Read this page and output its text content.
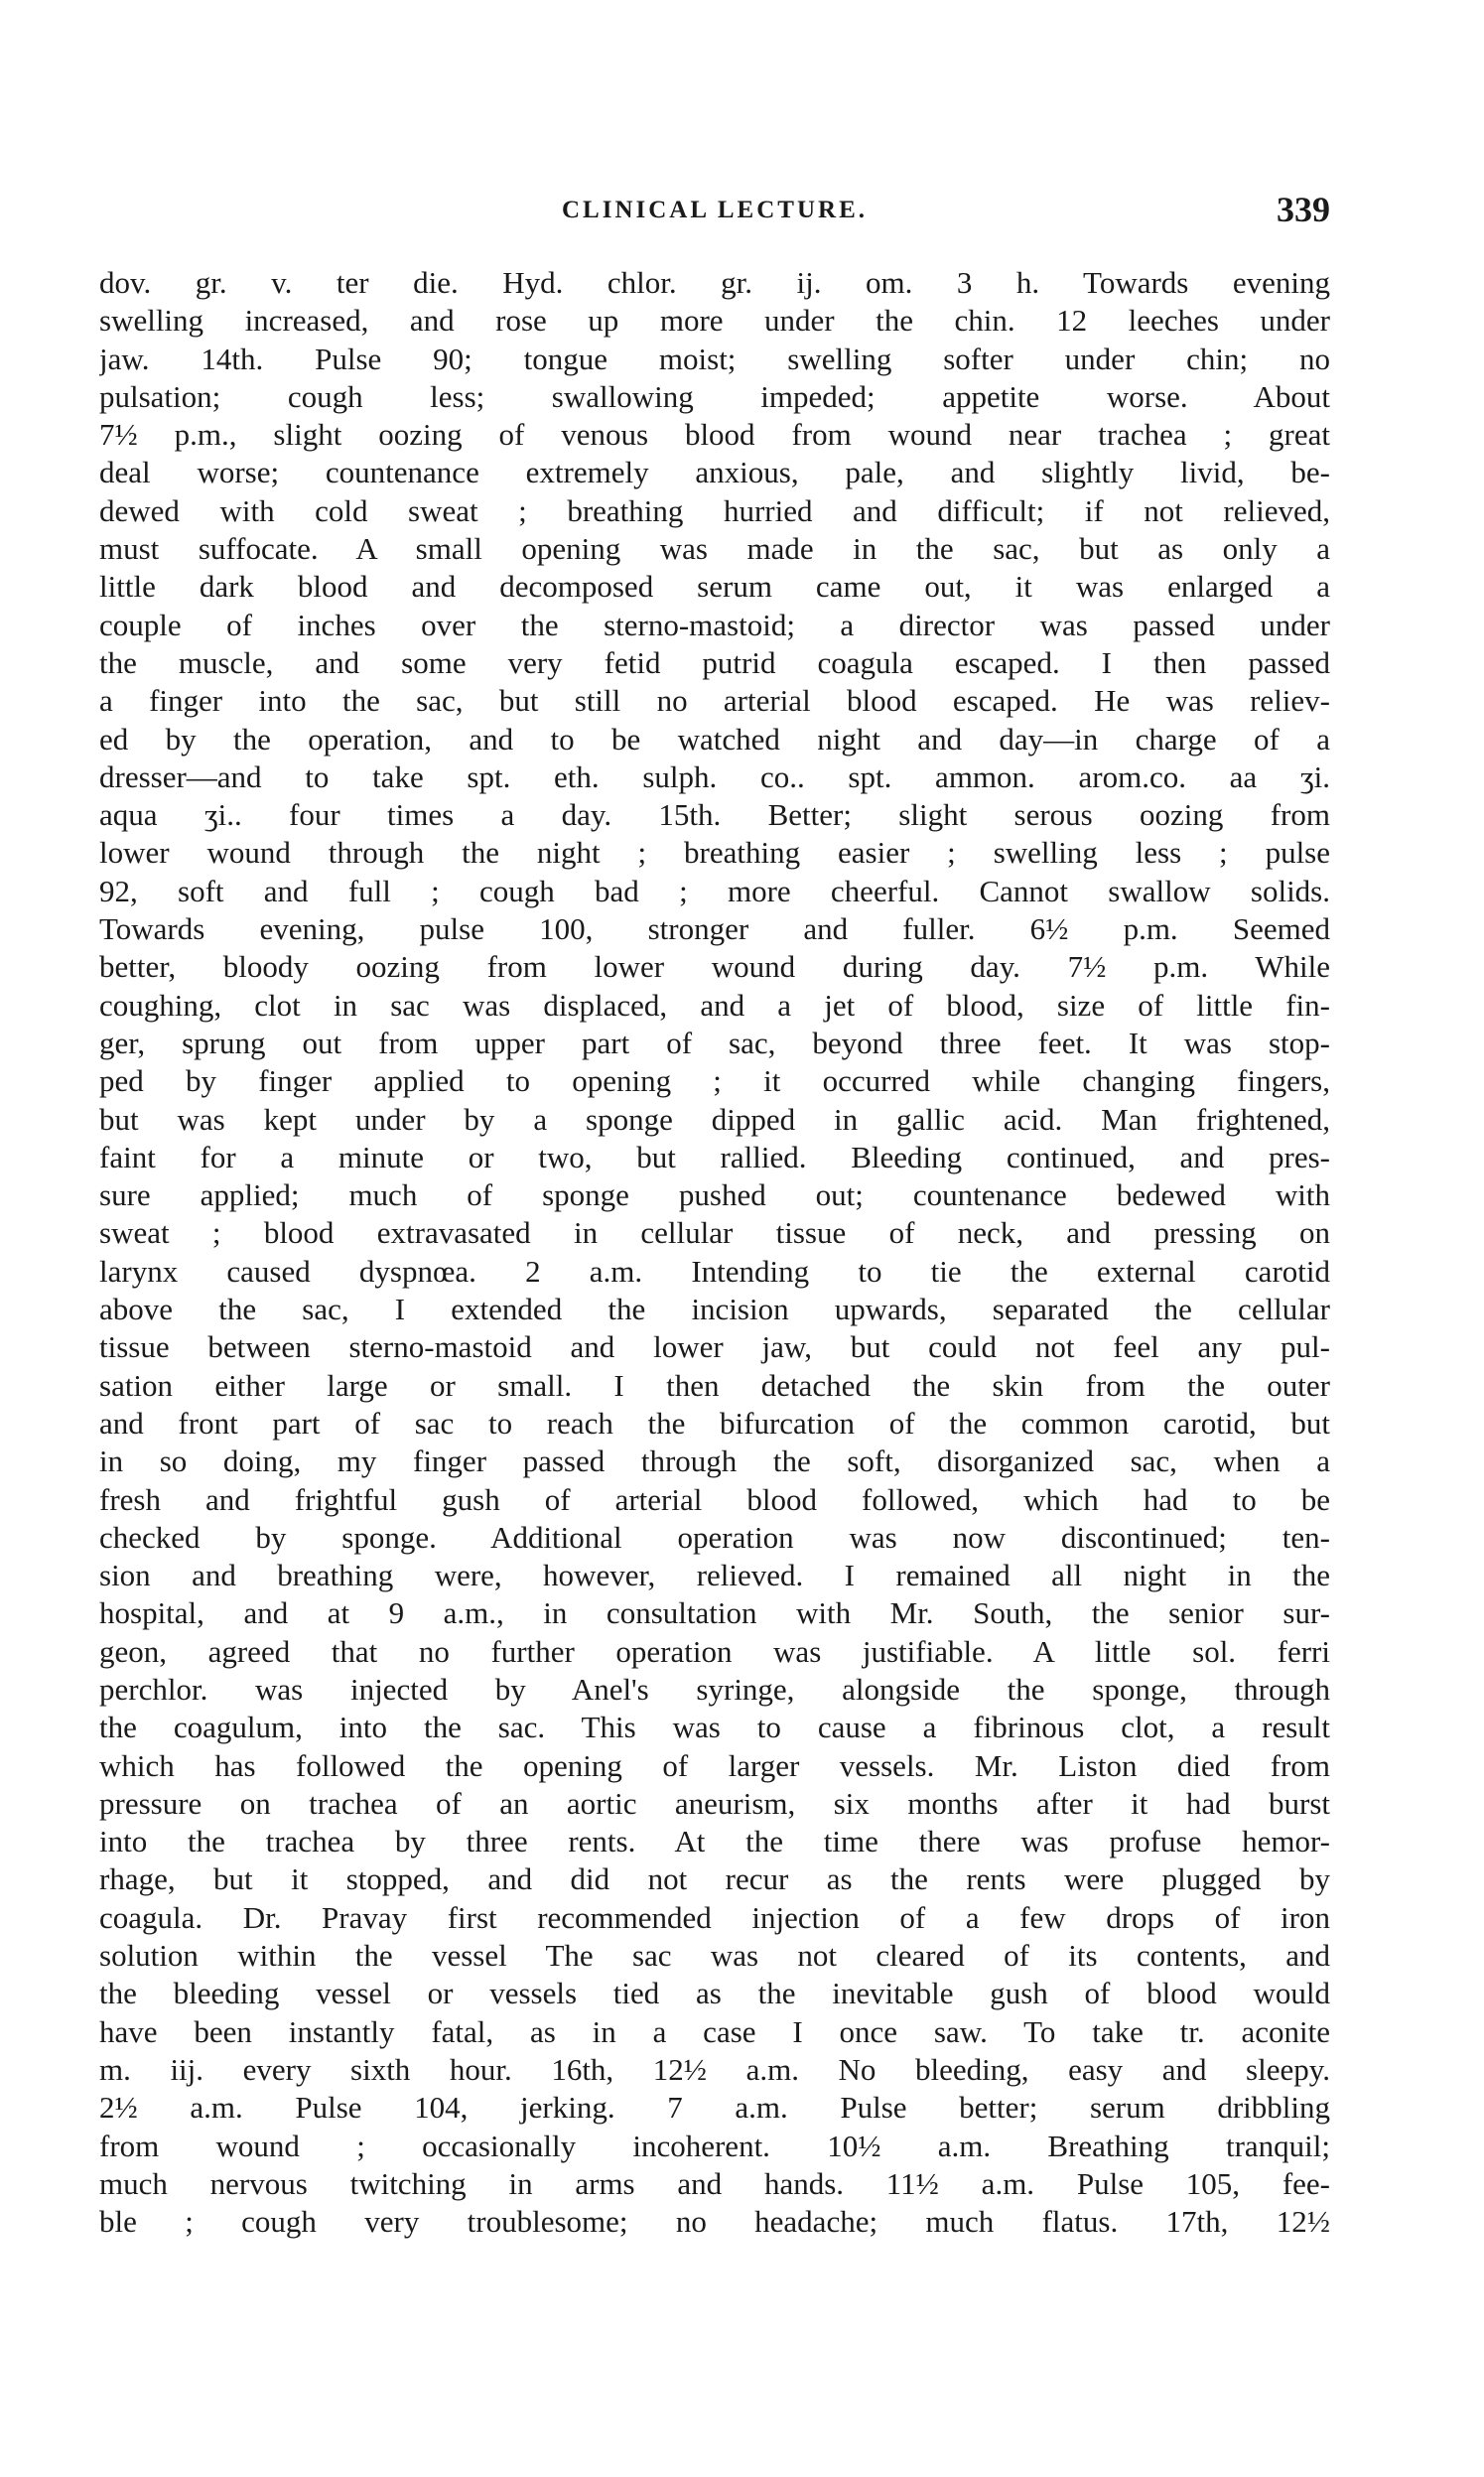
CLINICAL LECTURE.	339
dov. gr. v. ter die. Hyd. chlor. gr. ij. om. 3 h. Towards evening
swelling increased, and rose up more under the chin. 12 leeches under
jaw. 14th. Pulse 90; tongue moist; swelling softer under chin; no
pulsation; cough less; swallowing impeded; appetite worse. About
7½ p.m., slight oozing of venous blood from wound near trachea ; great
deal worse; countenance extremely anxious, pale, and slightly livid, be-
dewed with cold sweat ; breathing hurried and difficult; if not relieved,
must suffocate. A small opening was made in the sac, but as only a
little dark blood and decomposed serum came out, it was enlarged a
couple of inches over the sterno-mastoid; a director was passed under
the muscle, and some very fetid putrid coagula escaped. I then passed
a finger into the sac, but still no arterial blood escaped. He was reliev-
ed by the operation, and to be watched night and day—in charge of a
dresser—and to take spt. eth. sulph. co.. spt. ammon. arom.co. aa ʒi.
aqua ʒi.. four times a day. 15th. Better; slight serous oozing from
lower wound through the night ; breathing easier ; swelling less ; pulse
92, soft and full ; cough bad ; more cheerful. Cannot swallow solids.
Towards evening, pulse 100, stronger and fuller. 6½ p.m. Seemed
better, bloody oozing from lower wound during day. 7½ p.m. While
coughing, clot in sac was displaced, and a jet of blood, size of little fin-
ger, sprung out from upper part of sac, beyond three feet. It was stop-
ped by finger applied to opening ; it occurred while changing fingers,
but was kept under by a sponge dipped in gallic acid. Man frightened,
faint for a minute or two, but rallied. Bleeding continued, and pres-
sure applied; much of sponge pushed out; countenance bedewed with
sweat ; blood extravasated in cellular tissue of neck, and pressing on
larynx caused dyspnœa. 2 a.m. Intending to tie the external carotid
above the sac, I extended the incision upwards, separated the cellular
tissue between sterno-mastoid and lower jaw, but could not feel any pul-
sation either large or small. I then detached the skin from the outer
and front part of sac to reach the bifurcation of the common carotid, but
in so doing, my finger passed through the soft, disorganized sac, when a
fresh and frightful gush of arterial blood followed, which had to be
checked by sponge. Additional operation was now discontinued; ten-
sion and breathing were, however, relieved. I remained all night in the
hospital, and at 9 a.m., in consultation with Mr. South, the senior sur-
geon, agreed that no further operation was justifiable. A little sol. ferri
perchlor. was injected by Anel's syringe, alongside the sponge, through
the coagulum, into the sac. This was to cause a fibrinous clot, a result
which has followed the opening of larger vessels. Mr. Liston died from
pressure on trachea of an aortic aneurism, six months after it had burst
into the trachea by three rents. At the time there was profuse hemor-
rhage, but it stopped, and did not recur as the rents were plugged by
coagula. Dr. Pravay first recommended injection of a few drops of iron
solution within the vessel The sac was not cleared of its contents, and
the bleeding vessel or vessels tied as the inevitable gush of blood would
have been instantly fatal, as in a case I once saw. To take tr. aconite
m. iij. every sixth hour. 16th, 12½ a.m. No bleeding, easy and sleepy.
2½ a.m. Pulse 104, jerking. 7 a.m. Pulse better; serum dribbling
from wound ; occasionally incoherent. 10½ a.m. Breathing tranquil;
much nervous twitching in arms and hands. 11½ a.m. Pulse 105, fee-
ble ; cough very troublesome; no headache; much flatus. 17th, 12½
